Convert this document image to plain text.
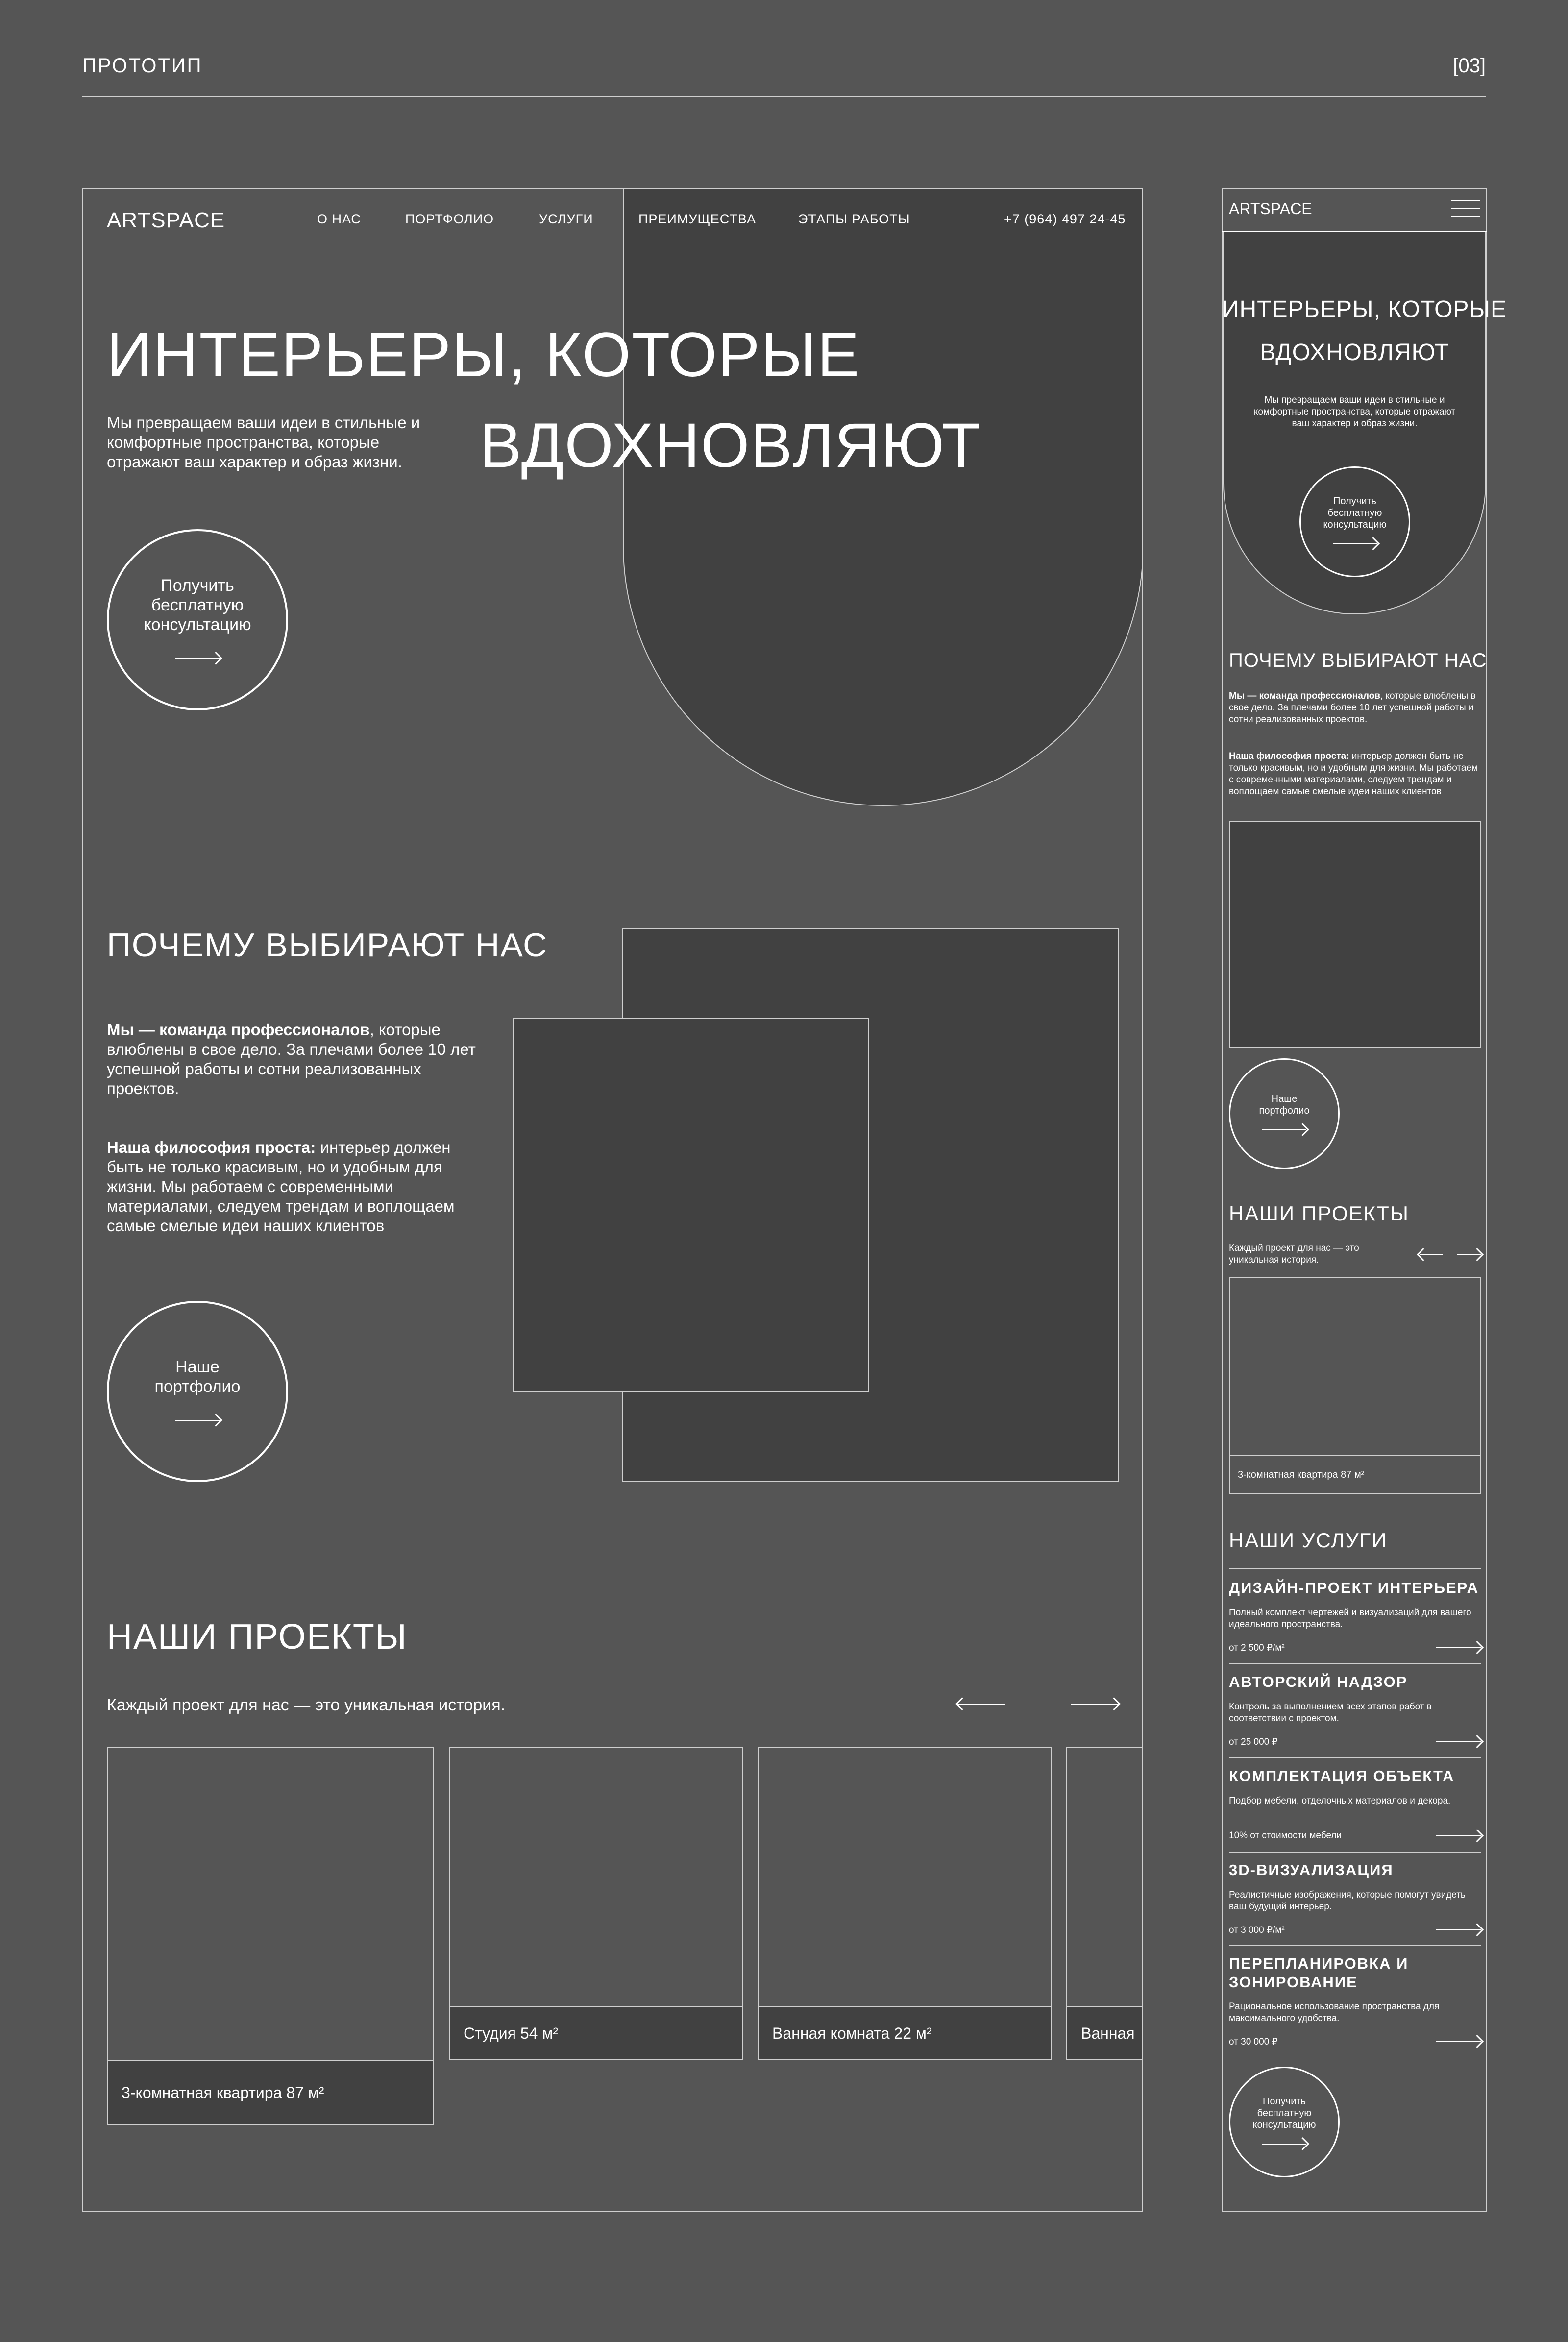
ПРОТОТИП	[03]
ARTSPACE	О НАС	ПОРТФОЛИО	УСЛУГИ	ПРЕИМУЩЕСТВА	ЭТАПЫ РАБОТЫ	+7 (964) 497 24-45
ИНТЕРЬЕРЫ, КОТОРЫЕ
ВДОХНОВЛЯЮТ
Мы превращаем ваши идеи в стильные и комфортные пространства, которые отражают ваш характер и образ жизни.
Получить бесплатную консультацию
ПОЧЕМУ ВЫБИРАЮТ НАС
Мы — команда профессионалов, которые влюблены в свое дело. За плечами более 10 лет успешной работы и сотни реализованных проектов.
Наша философия проста: интерьер должен быть не только красивым, но и удобным для жизни. Мы работаем с современными материалами, следуем трендам и воплощаем самые смелые идеи наших клиентов
Наше портфолио
НАШИ ПРОЕКТЫ
Каждый проект для нас — это уникальная история.
3-комнатная квартира 87 м²
Студия 54 м²	Ванная комната 22 м²	Ванная
ARTSPACE
ИНТЕРЬЕРЫ, КОТОРЫЕ
ВДОХНОВЛЯЮТ
Мы превращаем ваши идеи в стильные и комфортные пространства, которые отражают ваш характер и образ жизни.
Получить бесплатную консультацию
ПОЧЕМУ ВЫБИРАЮТ НАС
Мы — команда профессионалов, которые влюблены в свое дело. За плечами более 10 лет успешной работы и сотни реализованных проектов.
Наша философия проста: интерьер должен быть не только красивым, но и удобным для жизни. Мы работаем с современными материалами, следуем трендам и воплощаем самые смелые идеи наших клиентов
Наше портфолио
НАШИ ПРОЕКТЫ
Каждый проект для нас — это уникальная история.
3-комнатная квартира 87 м²
НАШИ УСЛУГИ
ДИЗАЙН-ПРОЕКТ ИНТЕРЬЕРА
Полный комплект чертежей и визуализаций для вашего идеального пространства.
от 2 500 ₽/м²
АВТОРСКИЙ НАДЗОР
Контроль за выполнением всех этапов работ в соответствии с проектом.
от 25 000 ₽
КОМПЛЕКТАЦИЯ ОБЪЕКТА
Подбор мебели, отделочных материалов и декора.
10% от стоимости мебели
3D-ВИЗУАЛИЗАЦИЯ
Реалистичные изображения, которые помогут увидеть ваш будущий интерьер.
от 3 000 ₽/м²
ПЕРЕПЛАНИРОВКА И ЗОНИРОВАНИЕ
Рациональное использование пространства для максимального удобства.
от 30 000 ₽
Получить бесплатную консультацию
